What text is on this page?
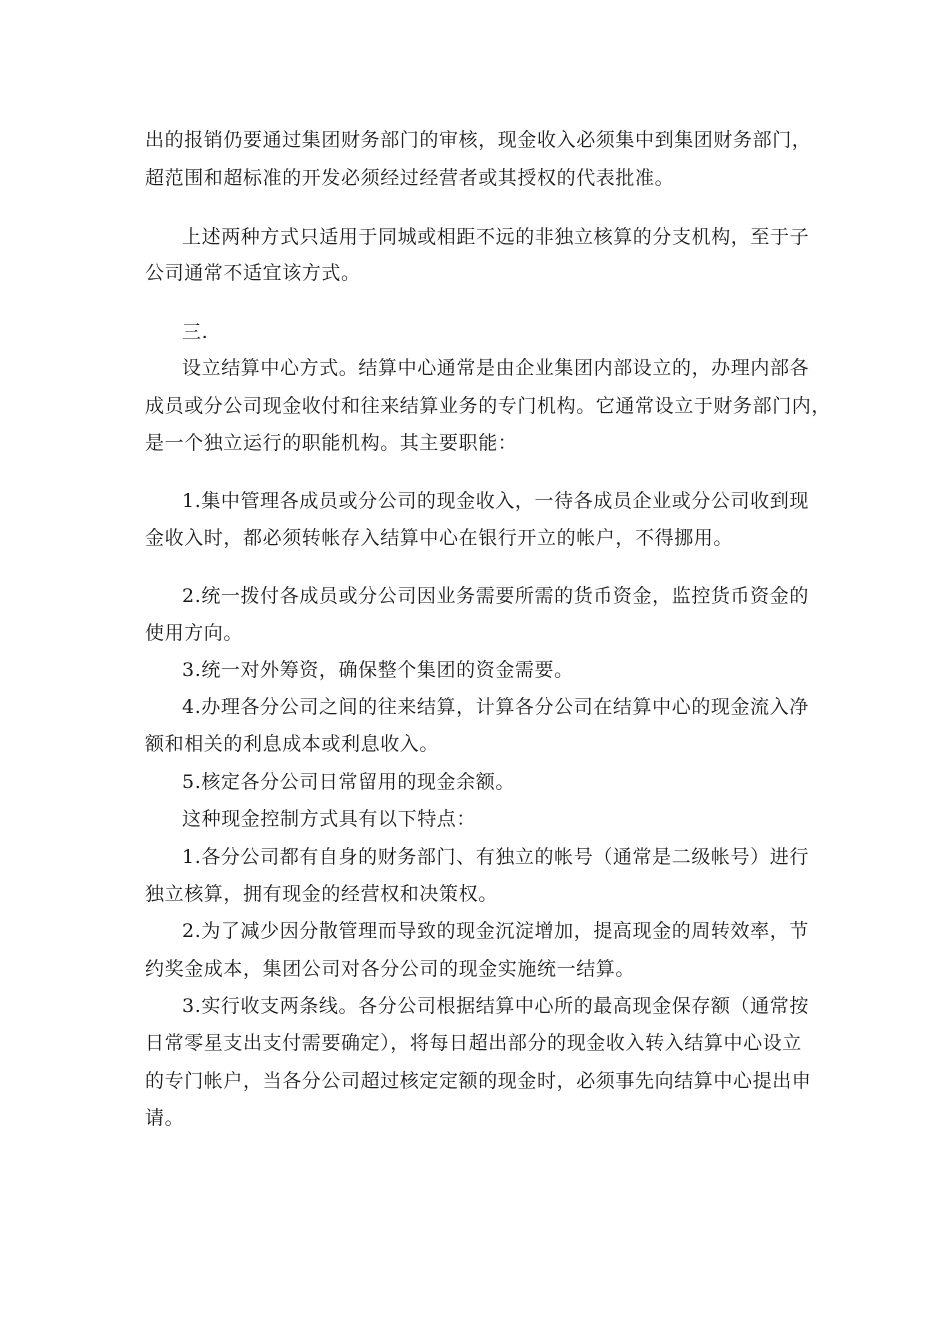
出的报销仍要通过集团财务部门的审核，现金收入必须集中到集团财务部门，
超范围和超标准的开发必须经过经营者或其授权的代表批准。
上述两种方式只适用于同城或相距不远的非独立核算的分支机构，至于子
公司通常不适宜该方式。
三.
设立结算中心方式。结算中心通常是由企业集团内部设立的，办理内部各
成员或分公司现金收付和往来结算业务的专门机构。它通常设立于财务部门内，
是一个独立运行的职能机构。其主要职能：
1.集中管理各成员或分公司的现金收入，一待各成员企业或分公司收到现
金收入时，都必须转帐存入结算中心在银行开立的帐户，不得挪用。
2.统一拨付各成员或分公司因业务需要所需的货币资金，监控货币资金的
使用方向。
3.统一对外筹资，确保整个集团的资金需要。
4.办理各分公司之间的往来结算，计算各分公司在结算中心的现金流入净
额和相关的利息成本或利息收入。
5.核定各分公司日常留用的现金余额。
这种现金控制方式具有以下特点：
1.各分公司都有自身的财务部门、有独立的帐号（通常是二级帐号）进行
独立核算，拥有现金的经营权和决策权。
2.为了减少因分散管理而导致的现金沉淀增加，提高现金的周转效率，节
约奖金成本，集团公司对各分公司的现金实施统一结算。
3.实行收支两条线。各分公司根据结算中心所的最高现金保存额（通常按
日常零星支出支付需要确定），将每日超出部分的现金收入转入结算中心设立
的专门帐户，当各分公司超过核定定额的现金时，必须事先向结算中心提出申
请。
